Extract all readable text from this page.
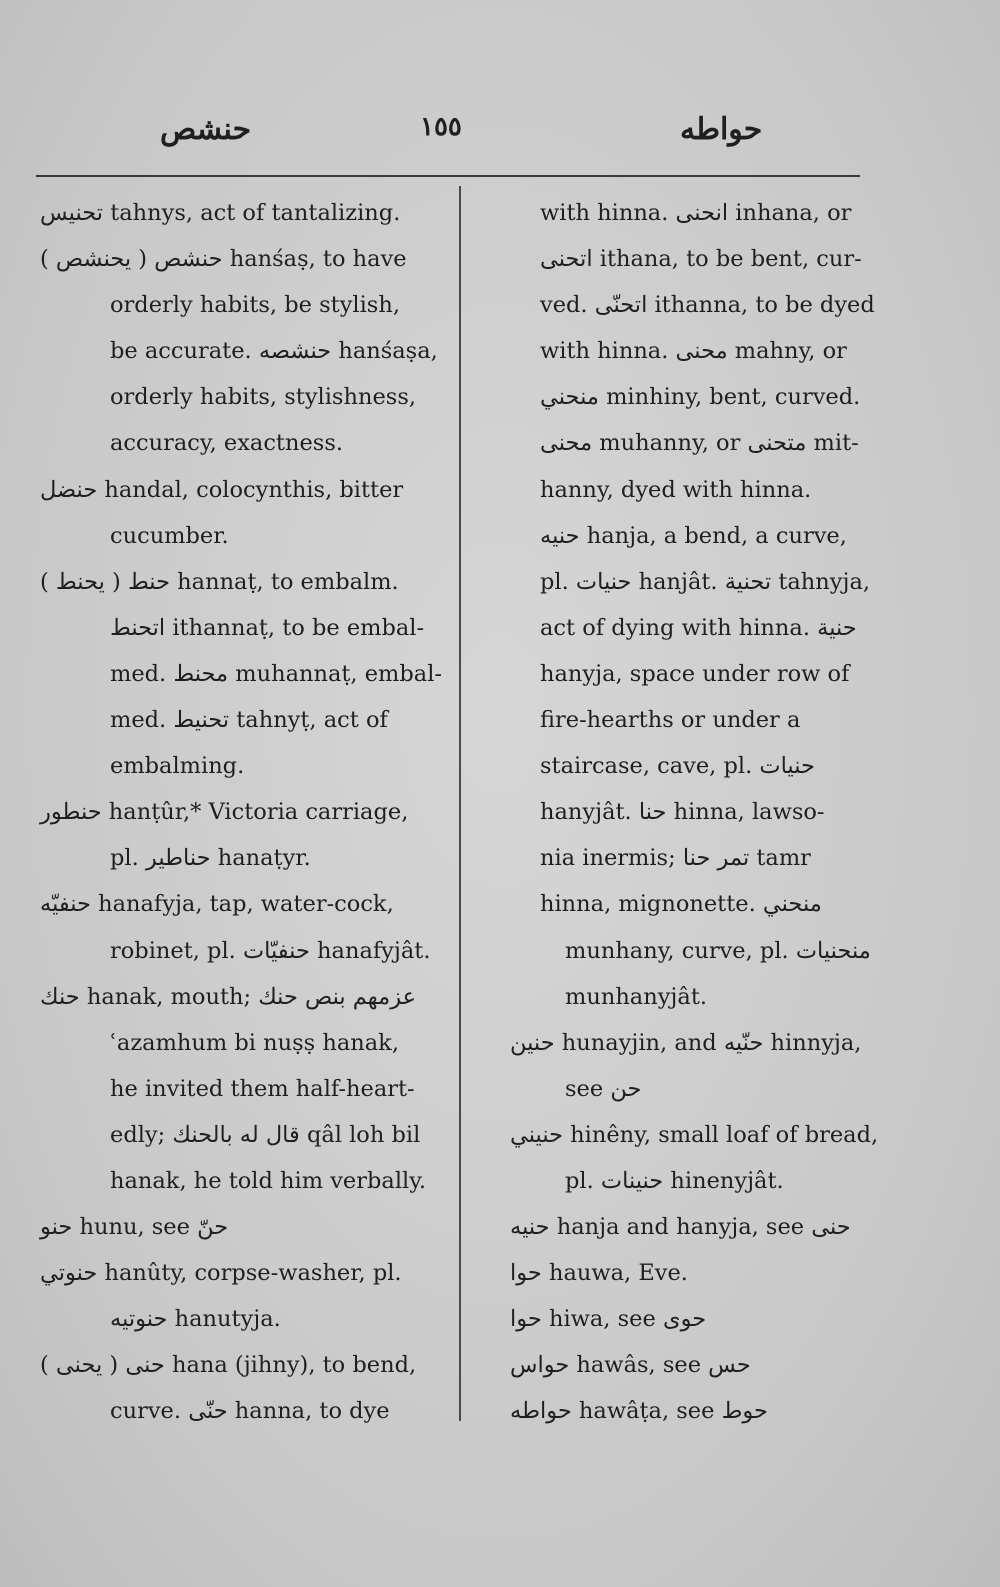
حنشص	١٥٥	حواطه
تحنيس tahnys, act of tantalizing.
حنشص ( يحنشص ) hanśaṣ, to have
orderly habits, be stylish,
be accurate. حنشصه hanśaṣa,
orderly habits, stylishness,
accuracy, exactness.
حنضل handal, colocynthis, bitter
cucumber.
حنط ( يحنط ) hannaṭ, to embalm.
اتحنط ithannaṭ, to be embal-
med. محنط muhannaṭ, embal-
med. تحنيط tahnyṭ, act of
embalming.
حنطور hanṭûr,* Victoria carriage,
pl. حناطير hanaṭyr.
حنفيّه hanafyja, tap, water-cock,
robinet, pl. حنفيّات hanafyjât.
حنك hanak, mouth; عزمهم بنص حنك
ʿazamhum bi nuṣṣ hanak,
he invited them half-heart-
edly; قال له بالحنك qâl loh bil
hanak, he told him verbally.
حنو hunu, see حنّ
حنوتي hanûty, corpse-washer, pl.
حنوتيه hanutyja.
حنى ( يحنى ) hana (jihny), to bend,
curve. حنّى hanna, to dye
with hinna. انحنى inhana, or
اتحنى ithana, to be bent, cur-
ved. اتحنّى ithanna, to be dyed
with hinna. محنى mahny, or
منحني minhiny, bent, curved.
محنى muhanny, or متحنى mit-
hanny, dyed with hinna.
حنيه hanja, a bend, a curve,
pl. حنيات hanjât. تحنية tahnyja,
act of dying with hinna. حنية
hanyja, space under row of
fire-hearths or under a
staircase, cave, pl. حنيات
hanyjât. حنا hinna, lawso-
nia inermis; تمر حنا tamr
hinna, mignonette. منحني
munhany, curve, pl. منحنيات
munhanyjât.
حنين hunayjin, and حنّيه hinnyja,
see حن
حنيني hinêny, small loaf of bread,
pl. حنينات hinenyjât.
حنيه hanja and hanyja, see حنى
حوا hauwa, Eve.
حوا hiwa, see حوى
حواس hawâs, see حس
حواطه hawâṭa, see حوط
